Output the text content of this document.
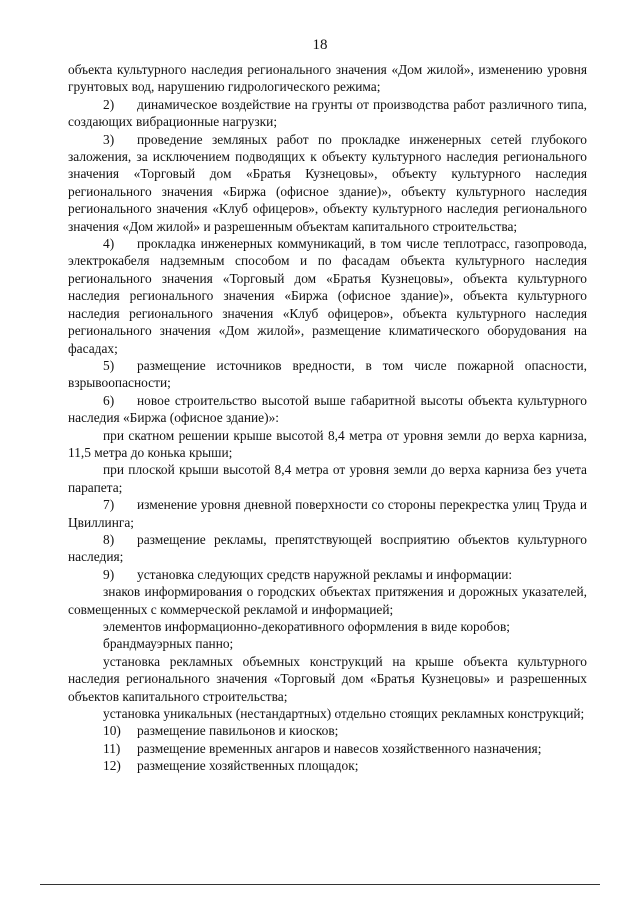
18

объекта культурного наследия регионального значения «Дом жилой», изменению уровня грунтовых вод, нарушению гидрологического режима;

2) динамическое воздействие на грунты от производства работ различного типа, создающих вибрационные нагрузки;

3) проведение земляных работ по прокладке инженерных сетей глубокого заложения, за исключением подводящих к объекту культурного наследия регионального значения «Торговый дом «Братья Кузнецовы», объекту культурного наследия регионального значения «Биржа (офисное здание)», объекту культурного наследия регионального значения «Клуб офицеров», объекту культурного наследия регионального значения «Дом жилой» и разрешенным объектам капитального строительства;

4) прокладка инженерных коммуникаций, в том числе теплотрасс, газопровода, электрокабеля надземным способом и по фасадам объекта культурного наследия регионального значения «Торговый дом «Братья Кузнецовы», объекта культурного наследия регионального значения «Биржа (офисное здание)», объекта культурного наследия регионального значения «Клуб офицеров», объекта культурного наследия регионального значения «Дом жилой», размещение климатического оборудования на фасадах;

5) размещение источников вредности, в том числе пожарной опасности, взрывоопасности;

6) новое строительство высотой выше габаритной высоты объекта культурного наследия «Биржа (офисное здание)»:

при скатном решении крыше высотой 8,4 метра от уровня земли до верха карниза, 11,5 метра до конька крыши;

при плоской крыши высотой 8,4 метра от уровня земли до верха карниза без учета парапета;

7) изменение уровня дневной поверхности со стороны перекрестка улиц Труда и Цвиллинга;

8) размещение рекламы, препятствующей восприятию объектов культурного наследия;

9) установка следующих средств наружной рекламы и информации:

знаков информирования о городских объектах притяжения и дорожных указателей, совмещенных с коммерческой рекламой и информацией;

элементов информационно-декоративного оформления в виде коробов;

брандмауэрных панно;

установка рекламных объемных конструкций на крыше объекта культурного наследия регионального значения «Торговый дом «Братья Кузнецовы» и разрешенных объектов капитального строительства;

установка уникальных (нестандартных) отдельно стоящих рекламных конструкций;

10) размещение павильонов и киосков;

11) размещение временных ангаров и навесов хозяйственного назначения;

12) размещение хозяйственных площадок;
